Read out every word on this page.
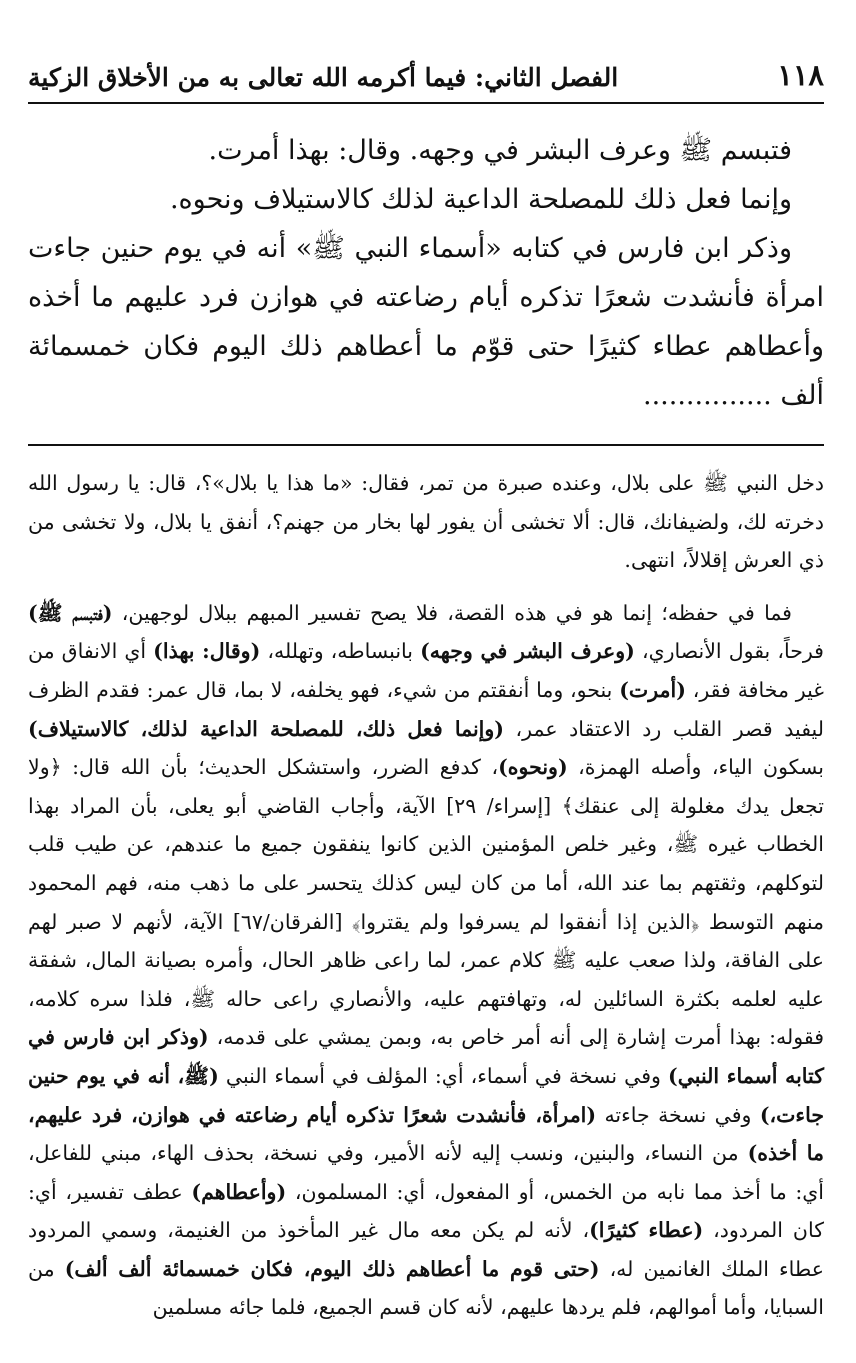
١١٨
الفصل الثاني: فيما أكرمه الله تعالى به من الأخلاق الزكية

فتبسم ﷺ وعرف البشر في وجهه. وقال: بهذا أمرت.

وإنما فعل ذلك للمصلحة الداعية لذلك كالاستيلاف ونحوه.

وذكر ابن فارس في كتابه «أسماء النبي ﷺ» أنه في يوم حنين جاءت امرأة فأنشدت شعرًا تذكره أيام رضاعته في هوازن فرد عليهم ما أخذه وأعطاهم عطاء كثيرًا حتى قوّم ما أعطاهم ذلك اليوم فكان خمسمائة ألف ...............

دخل النبي ﷺ على بلال، وعنده صبرة من تمر، فقال: «ما هذا يا بلال»؟، قال: يا رسول الله دخرته لك، ولضيفانك، قال: ألا تخشى أن يفور لها بخار من جهنم؟، أنفق يا بلال، ولا تخشى من ذي العرش إقلالاً، انتهى.

فما في حفظه؛ إنما هو في هذه القصة، فلا يصح تفسير المبهم ببلال لوجهين، (فتبسم ﷺ) فرحاً، بقول الأنصاري، (وعرف البشر في وجهه) بانبساطه، وتهلله، (وقال: بهذا) أي الانفاق من غير مخافة فقر، (أمرت) بنحو، وما أنفقتم من شيء، فهو يخلفه، لا بما، قال عمر: فقدم الظرف ليفيد قصر القلب رد الاعتقاد عمر، (وإنما فعل ذلك، للمصلحة الداعية لذلك، كالاستيلاف) بسكون الياء، وأصله الهمزة، (ونحوه)، كدفع الضرر، واستشكل الحديث؛ بأن الله قال: ﴿ولا تجعل يدك مغلولة إلى عنقك﴾ [إسراء/ ٢٩] الآية، وأجاب القاضي أبو يعلى، بأن المراد بهذا الخطاب غيره ﷺ، وغير خلص المؤمنين الذين كانوا ينفقون جميع ما عندهم، عن طيب قلب لتوكلهم، وثقتهم بما عند الله، أما من كان ليس كذلك يتحسر على ما ذهب منه، فهم المحمود منهم التوسط ﴿الذين إذا أنفقوا لم يسرفوا ولم يقتروا﴾ [الفرقان/٦٧] الآية، لأنهم لا صبر لهم على الفاقة، ولذا صعب عليه ﷺ كلام عمر، لما راعى ظاهر الحال، وأمره بصيانة المال، شفقة عليه لعلمه بكثرة السائلين له، وتهافتهم عليه، والأنصاري راعى حاله ﷺ، فلذا سره كلامه، فقوله: بهذا أمرت إشارة إلى أنه أمر خاص به، وبمن يمشي على قدمه، (وذكر ابن فارس في كتابه أسماء النبي) وفي نسخة في أسماء، أي: المؤلف في أسماء النبي (ﷺ، أنه في يوم حنين جاءت،) وفي نسخة جاءته (امرأة، فأنشدت شعرًا تذكره أيام رضاعته في هوازن، فرد عليهم، ما أخذه) من النساء، والبنين، ونسب إليه لأنه الأمير، وفي نسخة، بحذف الهاء، مبني للفاعل، أي: ما أخذ مما نابه من الخمس، أو المفعول، أي: المسلمون، (وأعطاهم) عطف تفسير، أي: كان المردود، (عطاء كثيرًا)، لأنه لم يكن معه مال غير المأخوذ من الغنيمة، وسمي المردود عطاء الملك الغانمين له، (حتى قوم ما أعطاهم ذلك اليوم، فكان خمسمائة ألف ألف) من السبايا، وأما أموالهم، فلم يردها عليهم، لأنه كان قسم الجميع، فلما جائه مسلمين
